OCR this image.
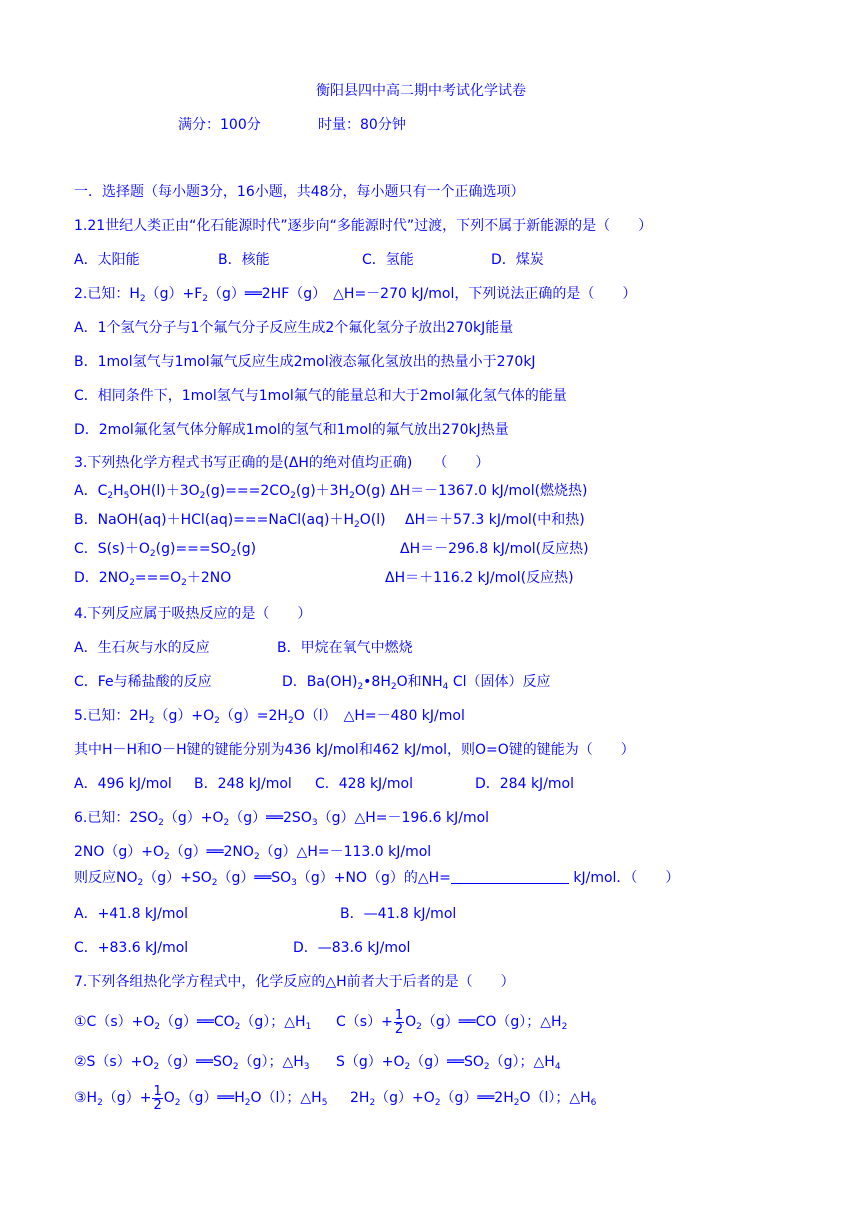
衡阳县四中高二期中考试化学试卷
满分：100分	时量：80分钟
一．选择题（每小题3分，16小题，共48分，每小题只有一个正确选项）
1.21世纪人类正由“化石能源时代”逐步向“多能源时代”过渡，下列不属于新能源的是（　　）
A．太阳能	B．核能	C．氢能	D．煤炭
2.已知：$H_2(g)+F_2(g)══2HF(g)$　△H=－270 kJ/mol，下列说法正确的是（　　）
A．1个氢气分子与1个氟气分子反应生成2个氟化氢分子放出270kJ能量
B．1mol氢气与1mol氟气反应生成2mol液态氟化氢放出的热量小于270kJ
C．相同条件下，1mol氢气与1mol氟气的能量总和大于2mol氟化氢气体的能量
D．2mol氟化氢气体分解成1mol的氢气和1mol的氟气放出270kJ热量
3.下列热化学方程式书写正确的是(ΔH的绝对值均正确)　　（　　）
A．$C_2H_5OH(l)+3O_2(g)===2CO_2(g)+3H_2O(g)$ ΔH＝－1367.0 kJ/mol(燃烧热)
B．$NaOH(aq)+HCl(aq)===NaCl(aq)+H_2O(l)$ ΔH＝＋57.3 kJ/mol(中和热)
C．$S(s)+O_2(g)===SO_2(g)$	ΔH＝－296.8 kJ/mol(反应热)
D．$2NO_2===O_2+2NO$	ΔH＝＋116.2 kJ/mol(反应热)
4.下列反应属于吸热反应的是（　　）
A．生石灰与水的反应	B．甲烷在氧气中燃烧
C．Fe与稀盐酸的反应	D．$Ba(OH)_2•8H_2O$和$NH_4$ Cl（固体）反应
5.已知：$2H_2(g)+O_2(g)=2H_2O(l)$　△H=－480 kJ/mol
其中H－H和O－H键的键能分别为436 kJ/mol和462 kJ/mol，则O=O键的键能为（　　）
A．496 kJ/mol B．248 kJ/mol C．428 kJ/mol	D．284 kJ/mol
6.已知：$2SO_2(g)+O_2(g)══2SO_3(g)\triangle H=-196.6$ kJ/mol
$2NO(g)+O_2(g)══2NO_2(g)\triangle H=-113.0$ kJ/mol
则反应$NO_2(g)+SO_2(g)══SO_3(g)+NO(g)$的△H=	kJ/mol．（　　）
A．+41.8 kJ/mol	B．—41.8 kJ/mol
C．+83.6 kJ/mol	D．—83.6 kJ/mol
7.下列各组热化学方程式中，化学反应的△H前者大于后者的是（　　）
$①C(s)+O_2(g)══CO_2(g)$；$\triangle H_1$ $C(s)+ \frac{1}{2}$ $O_2(g)══CO(g)$；$\triangle H_2$
$②S(s)+O_2(g)══SO_2(g)$；$\triangle H_3$ $S(g)+O_2(g)══SO_2(g)$；$\triangle H_4$
$③H_2(g)+ \frac{1}{2}$ $O_2(g)══H_2O(l)$；$\triangle H_5$ $2H_2(g)+O_2(g)══2H_2O(l)$；$\triangle H_6$
